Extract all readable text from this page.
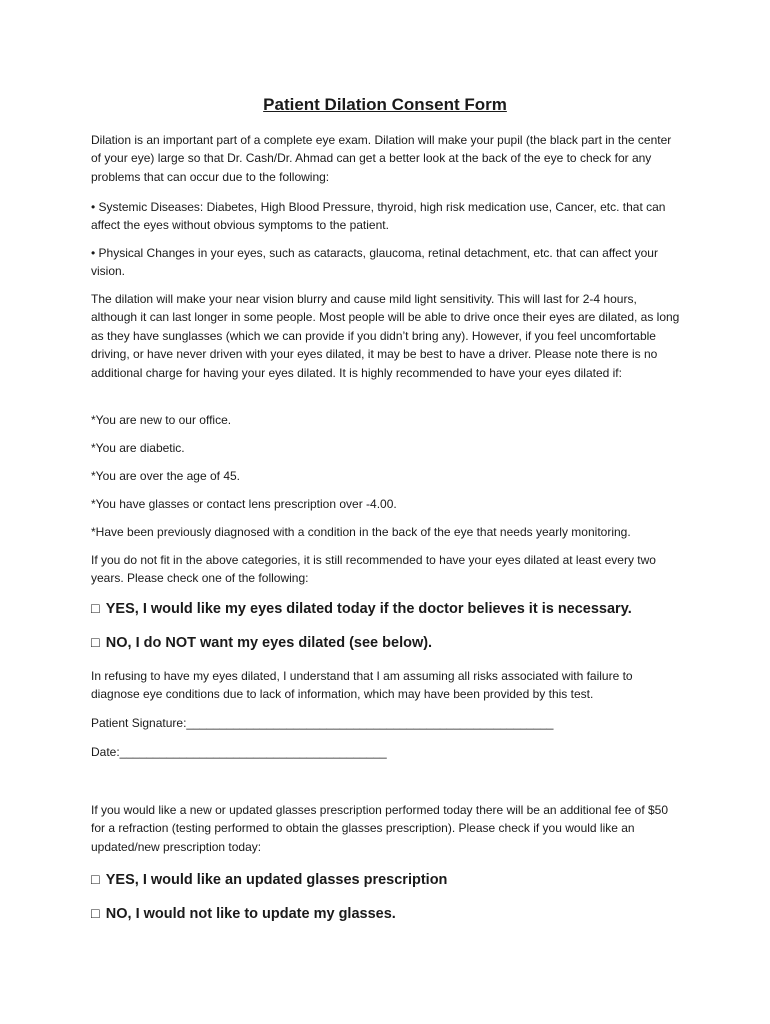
Patient Dilation Consent Form

Dilation is an important part of a complete eye exam. Dilation will make your pupil (the black part in the center of your eye) large so that Dr. Cash/Dr. Ahmad can get a better look at the back of the eye to check for any problems that can occur due to the following:

• Systemic Diseases: Diabetes, High Blood Pressure, thyroid, high risk medication use, Cancer, etc. that can affect the eyes without obvious symptoms to the patient.

• Physical Changes in your eyes, such as cataracts, glaucoma, retinal detachment, etc. that can affect your vision.

The dilation will make your near vision blurry and cause mild light sensitivity. This will last for 2-4 hours, although it can last longer in some people. Most people will be able to drive once their eyes are dilated, as long as they have sunglasses (which we can provide if you didn’t bring any). However, if you feel uncomfortable driving, or have never driven with your eyes dilated, it may be best to have a driver. Please note there is no additional charge for having your eyes dilated. It is highly recommended to have your eyes dilated if:

*You are new to our office.

*You are diabetic.

*You are over the age of 45.

*You have glasses or contact lens prescription over -4.00.

*Have been previously diagnosed with a condition in the back of the eye that needs yearly monitoring.

If you do not fit in the above categories, it is still recommended to have your eyes dilated at least every two years. Please check one of the following:

□ YES, I would like my eyes dilated today if the doctor believes it is necessary.
□ NO, I do NOT want my eyes dilated (see below).

In refusing to have my eyes dilated, I understand that I am assuming all risks associated with failure to diagnose eye conditions due to lack of information, which may have been provided by this test.

Patient Signature:_______________________________________________________

Date:________________________________________

If you would like a new or updated glasses prescription performed today there will be an additional fee of $50 for a refraction (testing performed to obtain the glasses prescription). Please check if you would like an updated/new prescription today:

□ YES, I would like an updated glasses prescription
□ NO, I would not like to update my glasses.
